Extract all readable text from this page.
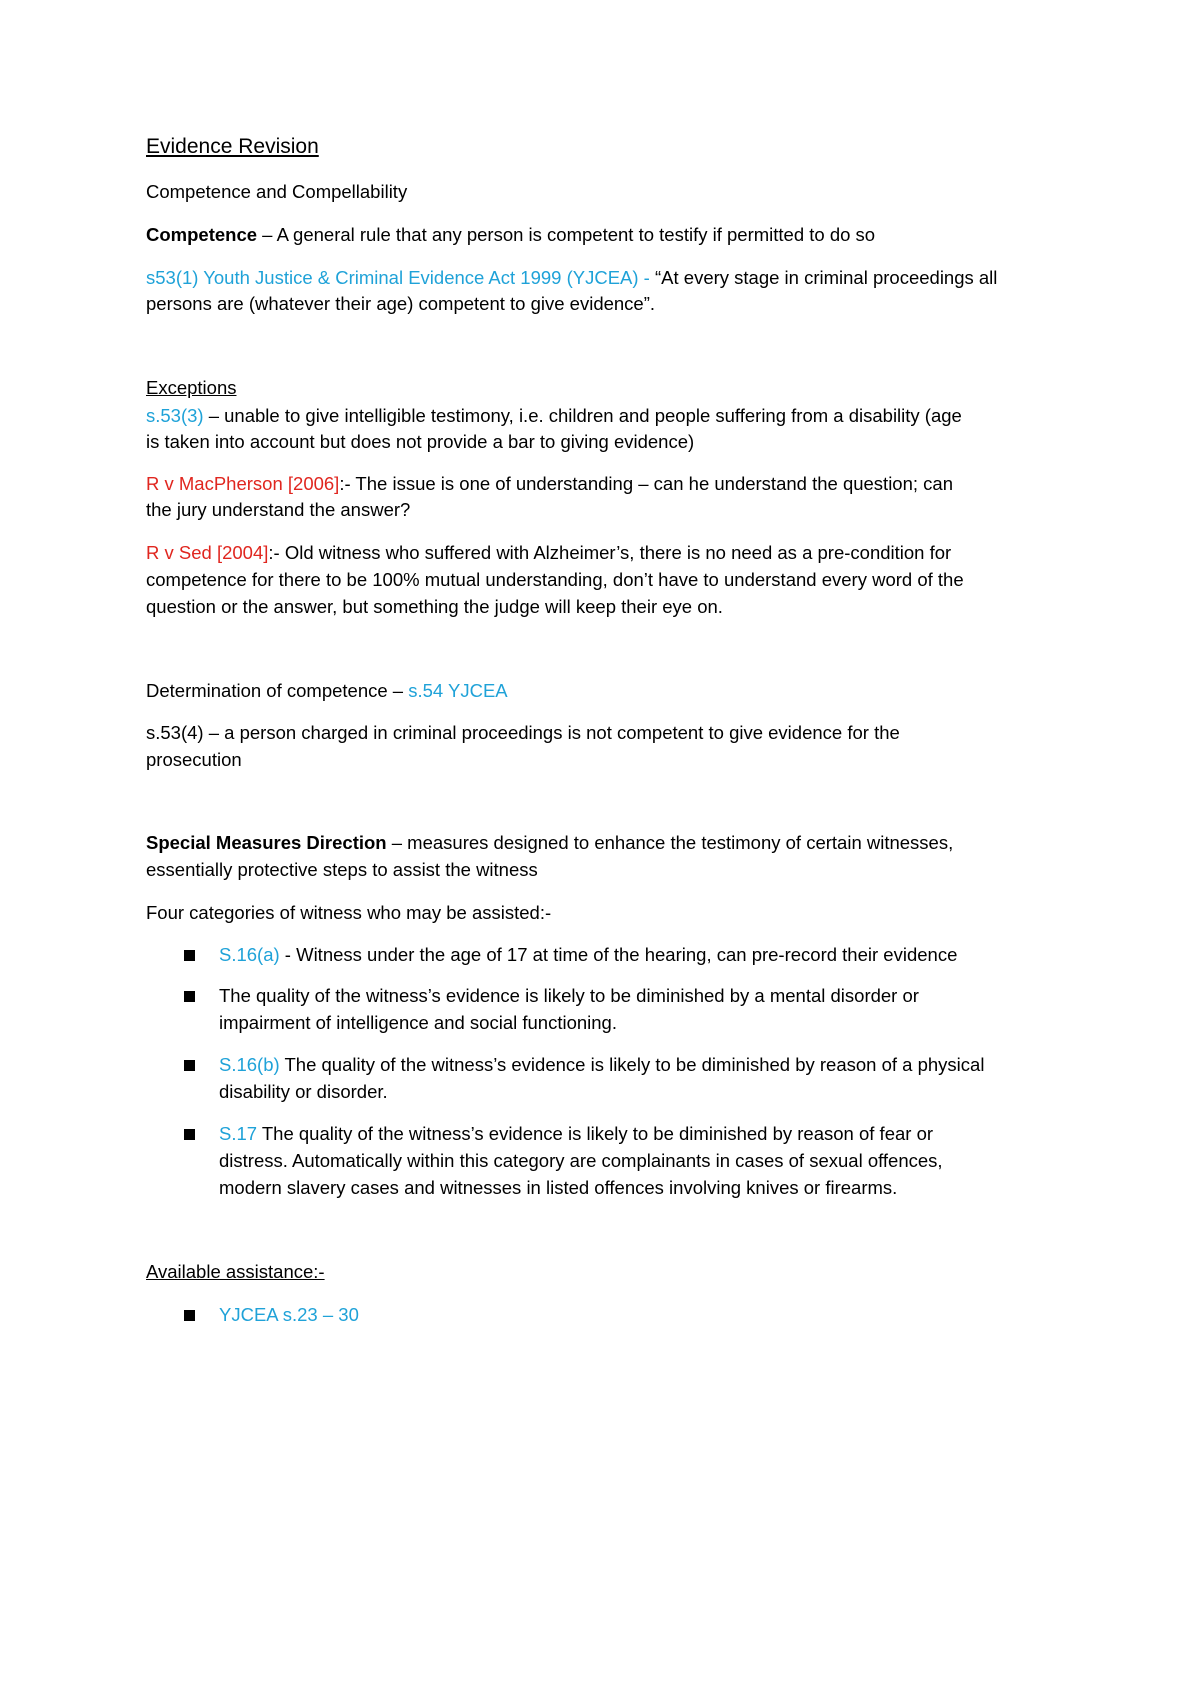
Evidence Revision
Competence and Compellability
Competence – A general rule that any person is competent to testify if permitted to do so
s53(1) Youth Justice & Criminal Evidence Act 1999 (YJCEA) - “At every stage in criminal proceedings all
persons are (whatever their age) competent to give evidence”.
Exceptions
s.53(3) – unable to give intelligible testimony, i.e. children and people suffering from a disability (age
is taken into account but does not provide a bar to giving evidence)
R v MacPherson [2006]:- The issue is one of understanding – can he understand the question; can
the jury understand the answer?
R v Sed [2004]:- Old witness who suffered with Alzheimer’s, there is no need as a pre-condition for
competence for there to be 100% mutual understanding, don’t have to understand every word of the
question or the answer, but something the judge will keep their eye on.
Determination of competence – s.54 YJCEA
s.53(4) – a person charged in criminal proceedings is not competent to give evidence for the
prosecution
Special Measures Direction – measures designed to enhance the testimony of certain witnesses,
essentially protective steps to assist the witness
Four categories of witness who may be assisted:-
S.16(a) - Witness under the age of 17 at time of the hearing, can pre-record their evidence
The quality of the witness’s evidence is likely to be diminished by a mental disorder or
impairment of intelligence and social functioning.
S.16(b) The quality of the witness’s evidence is likely to be diminished by reason of a physical
disability or disorder.
S.17 The quality of the witness’s evidence is likely to be diminished by reason of fear or
distress. Automatically within this category are complainants in cases of sexual offences,
modern slavery cases and witnesses in listed offences involving knives or firearms.
Available assistance:-
YJCEA s.23 – 30
